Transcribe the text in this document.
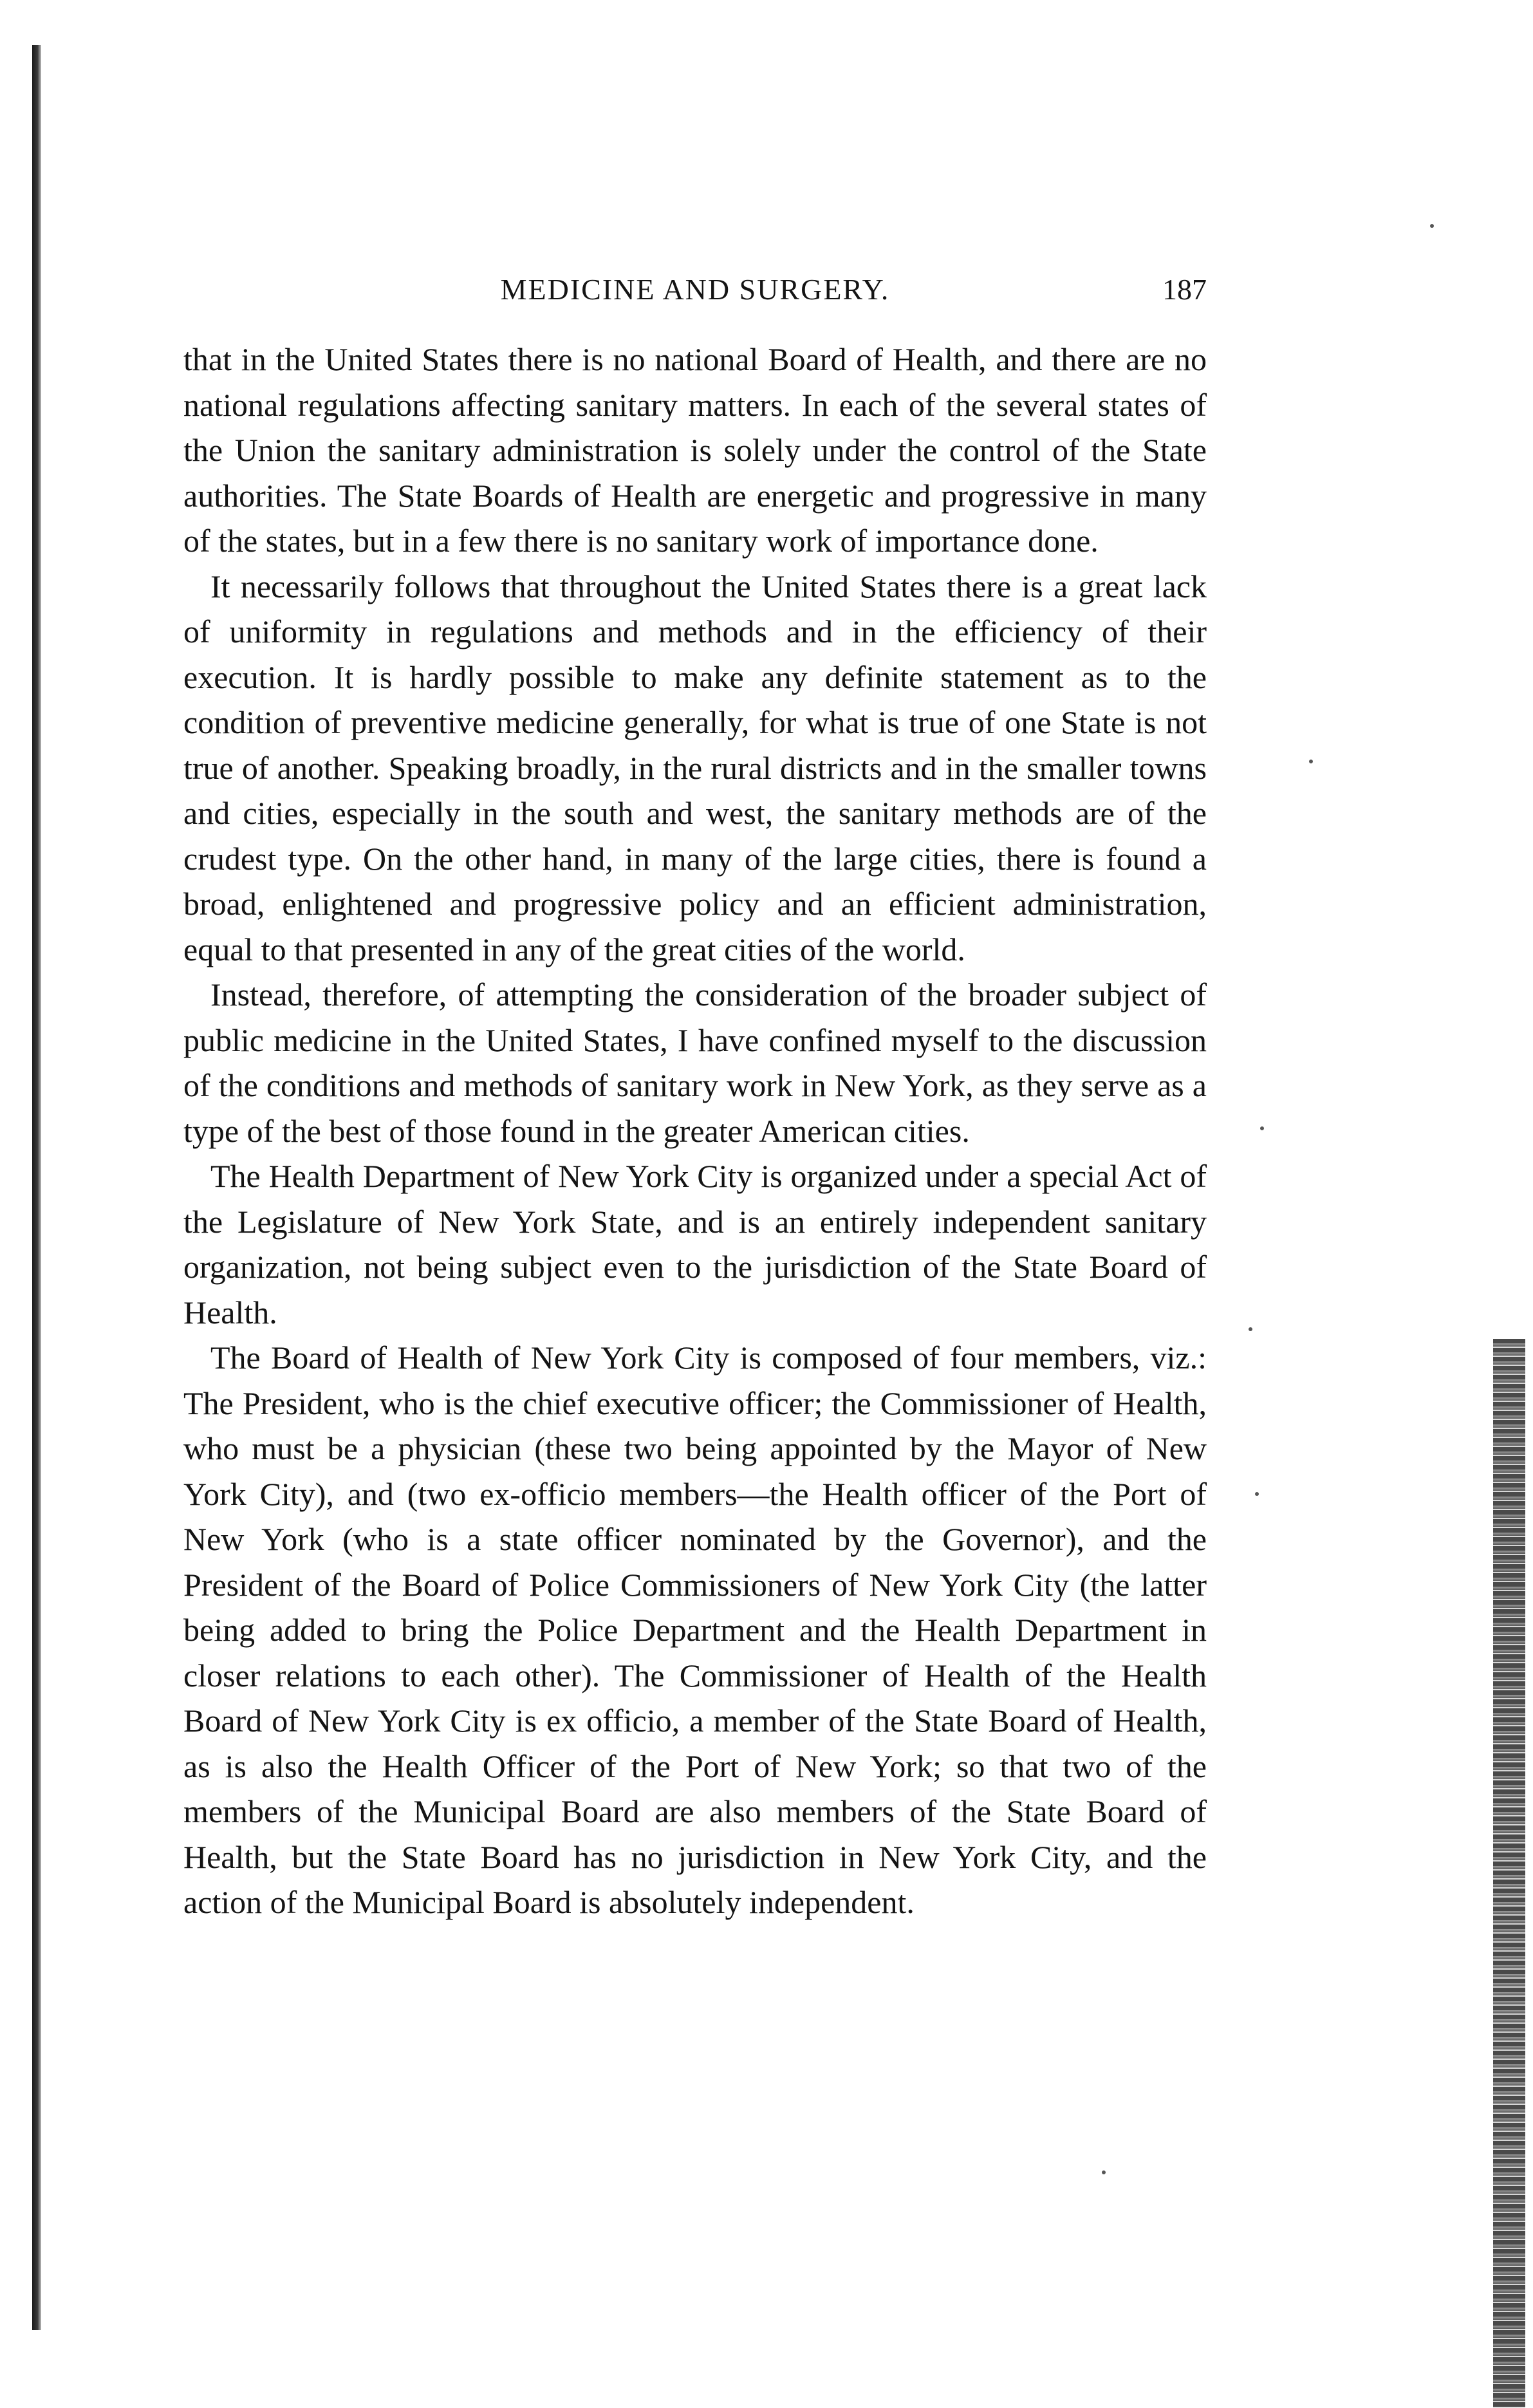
MEDICINE AND SURGERY.	187

that in the United States there is no national Board of Health, and there are no national regulations affecting sanitary matters. In each of the several states of the Union the sanitary administration is solely under the control of the State authorities. The State Boards of Health are energetic and progressive in many of the states, but in a few there is no sanitary work of importance done.

It necessarily follows that throughout the United States there is a great lack of uniformity in regulations and methods and in the efficiency of their execution. It is hardly possible to make any definite statement as to the condition of preventive medicine generally, for what is true of one State is not true of another. Speaking broadly, in the rural districts and in the smaller towns and cities, especially in the south and west, the sanitary methods are of the crudest type. On the other hand, in many of the large cities, there is found a broad, enlightened and progressive policy and an efficient administration, equal to that presented in any of the great cities of the world.

Instead, therefore, of attempting the consideration of the broader subject of public medicine in the United States, I have confined myself to the discussion of the conditions and methods of sanitary work in New York, as they serve as a type of the best of those found in the greater American cities.

The Health Department of New York City is organized under a special Act of the Legislature of New York State, and is an entirely independent sanitary organization, not being subject even to the jurisdiction of the State Board of Health.

The Board of Health of New York City is composed of four members, viz.: The President, who is the chief executive officer; the Commissioner of Health, who must be a physician (these two being appointed by the Mayor of New York City), and (two ex-officio members—the Health officer of the Port of New York (who is a state officer nominated by the Governor), and the President of the Board of Police Commissioners of New York City (the latter being added to bring the Police Department and the Health Department in closer relations to each other). The Commissioner of Health of the Health Board of New York City is ex officio, a member of the State Board of Health, as is also the Health Officer of the Port of New York; so that two of the members of the Municipal Board are also members of the State Board of Health, but the State Board has no jurisdiction in New York City, and the action of the Municipal Board is absolutely independent.
